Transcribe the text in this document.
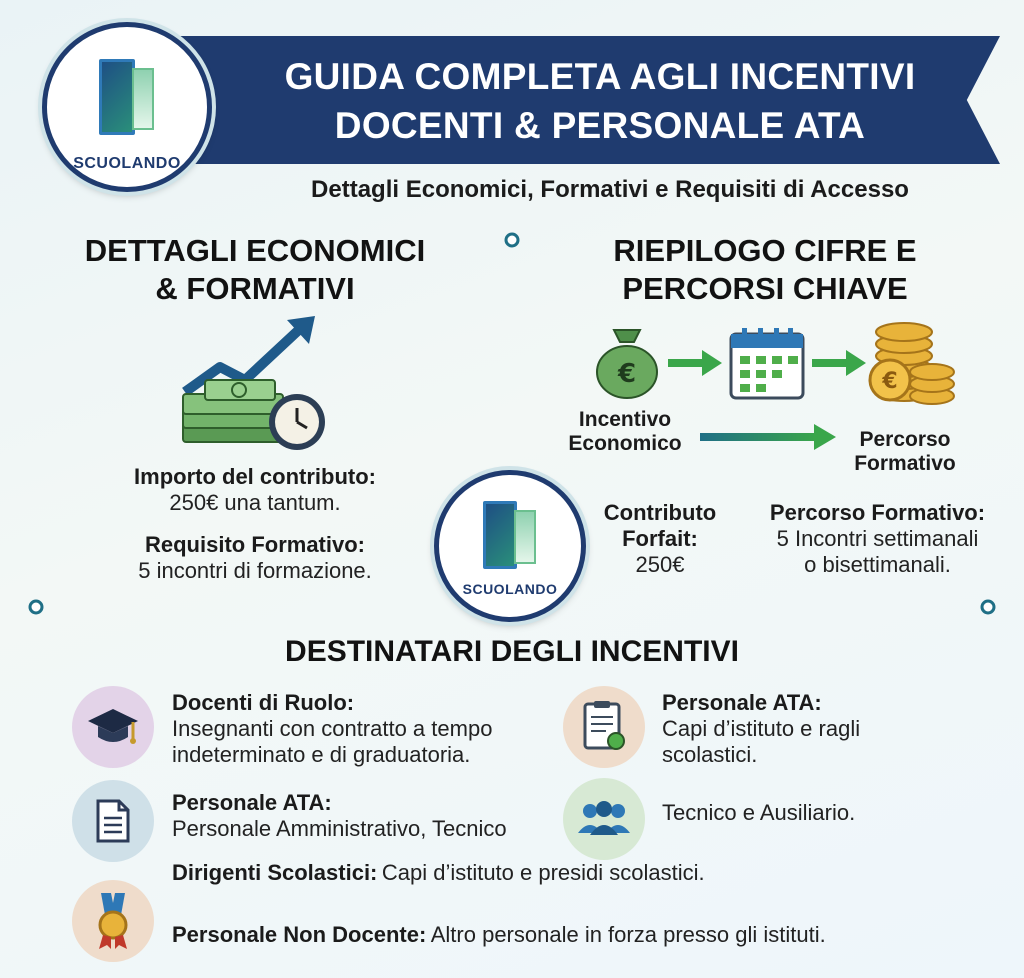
GUIDA COMPLETA AGLI INCENTIVI
DOCENTI & PERSONALE ATA
Dettagli Economici, Formativi e Requisiti di Accesso
SCUOLANDO
DETTAGLI ECONOMICI
& FORMATIVI
Importo del contributo:
250€ una tantum.
Requisito Formativo:
5 incontri di formazione.
RIEPILOGO CIFRE E
PERCORSI CHIAVE
€	€
Incentivo
Economico	Percorso
Formativo
SCUOLANDO
Contributo
Forfait:
250€
Percorso Formativo:
5 Incontri settimanali
o bisettimanali.
DESTINATARI DEGLI INCENTIVI
Docenti di Ruolo:
Insegnanti con contratto a tempo
indeterminato e di graduatoria.
Personale ATA:
Capi d’istituto e ragli
scolastici.
Personale ATA:
Personale Amministrativo, Tecnico
Tecnico e Ausiliario.
Dirigenti Scolastici: Capi d’istituto e presidi scolastici.
Personale Non Docente: Altro personale in forza presso gli istituti.
